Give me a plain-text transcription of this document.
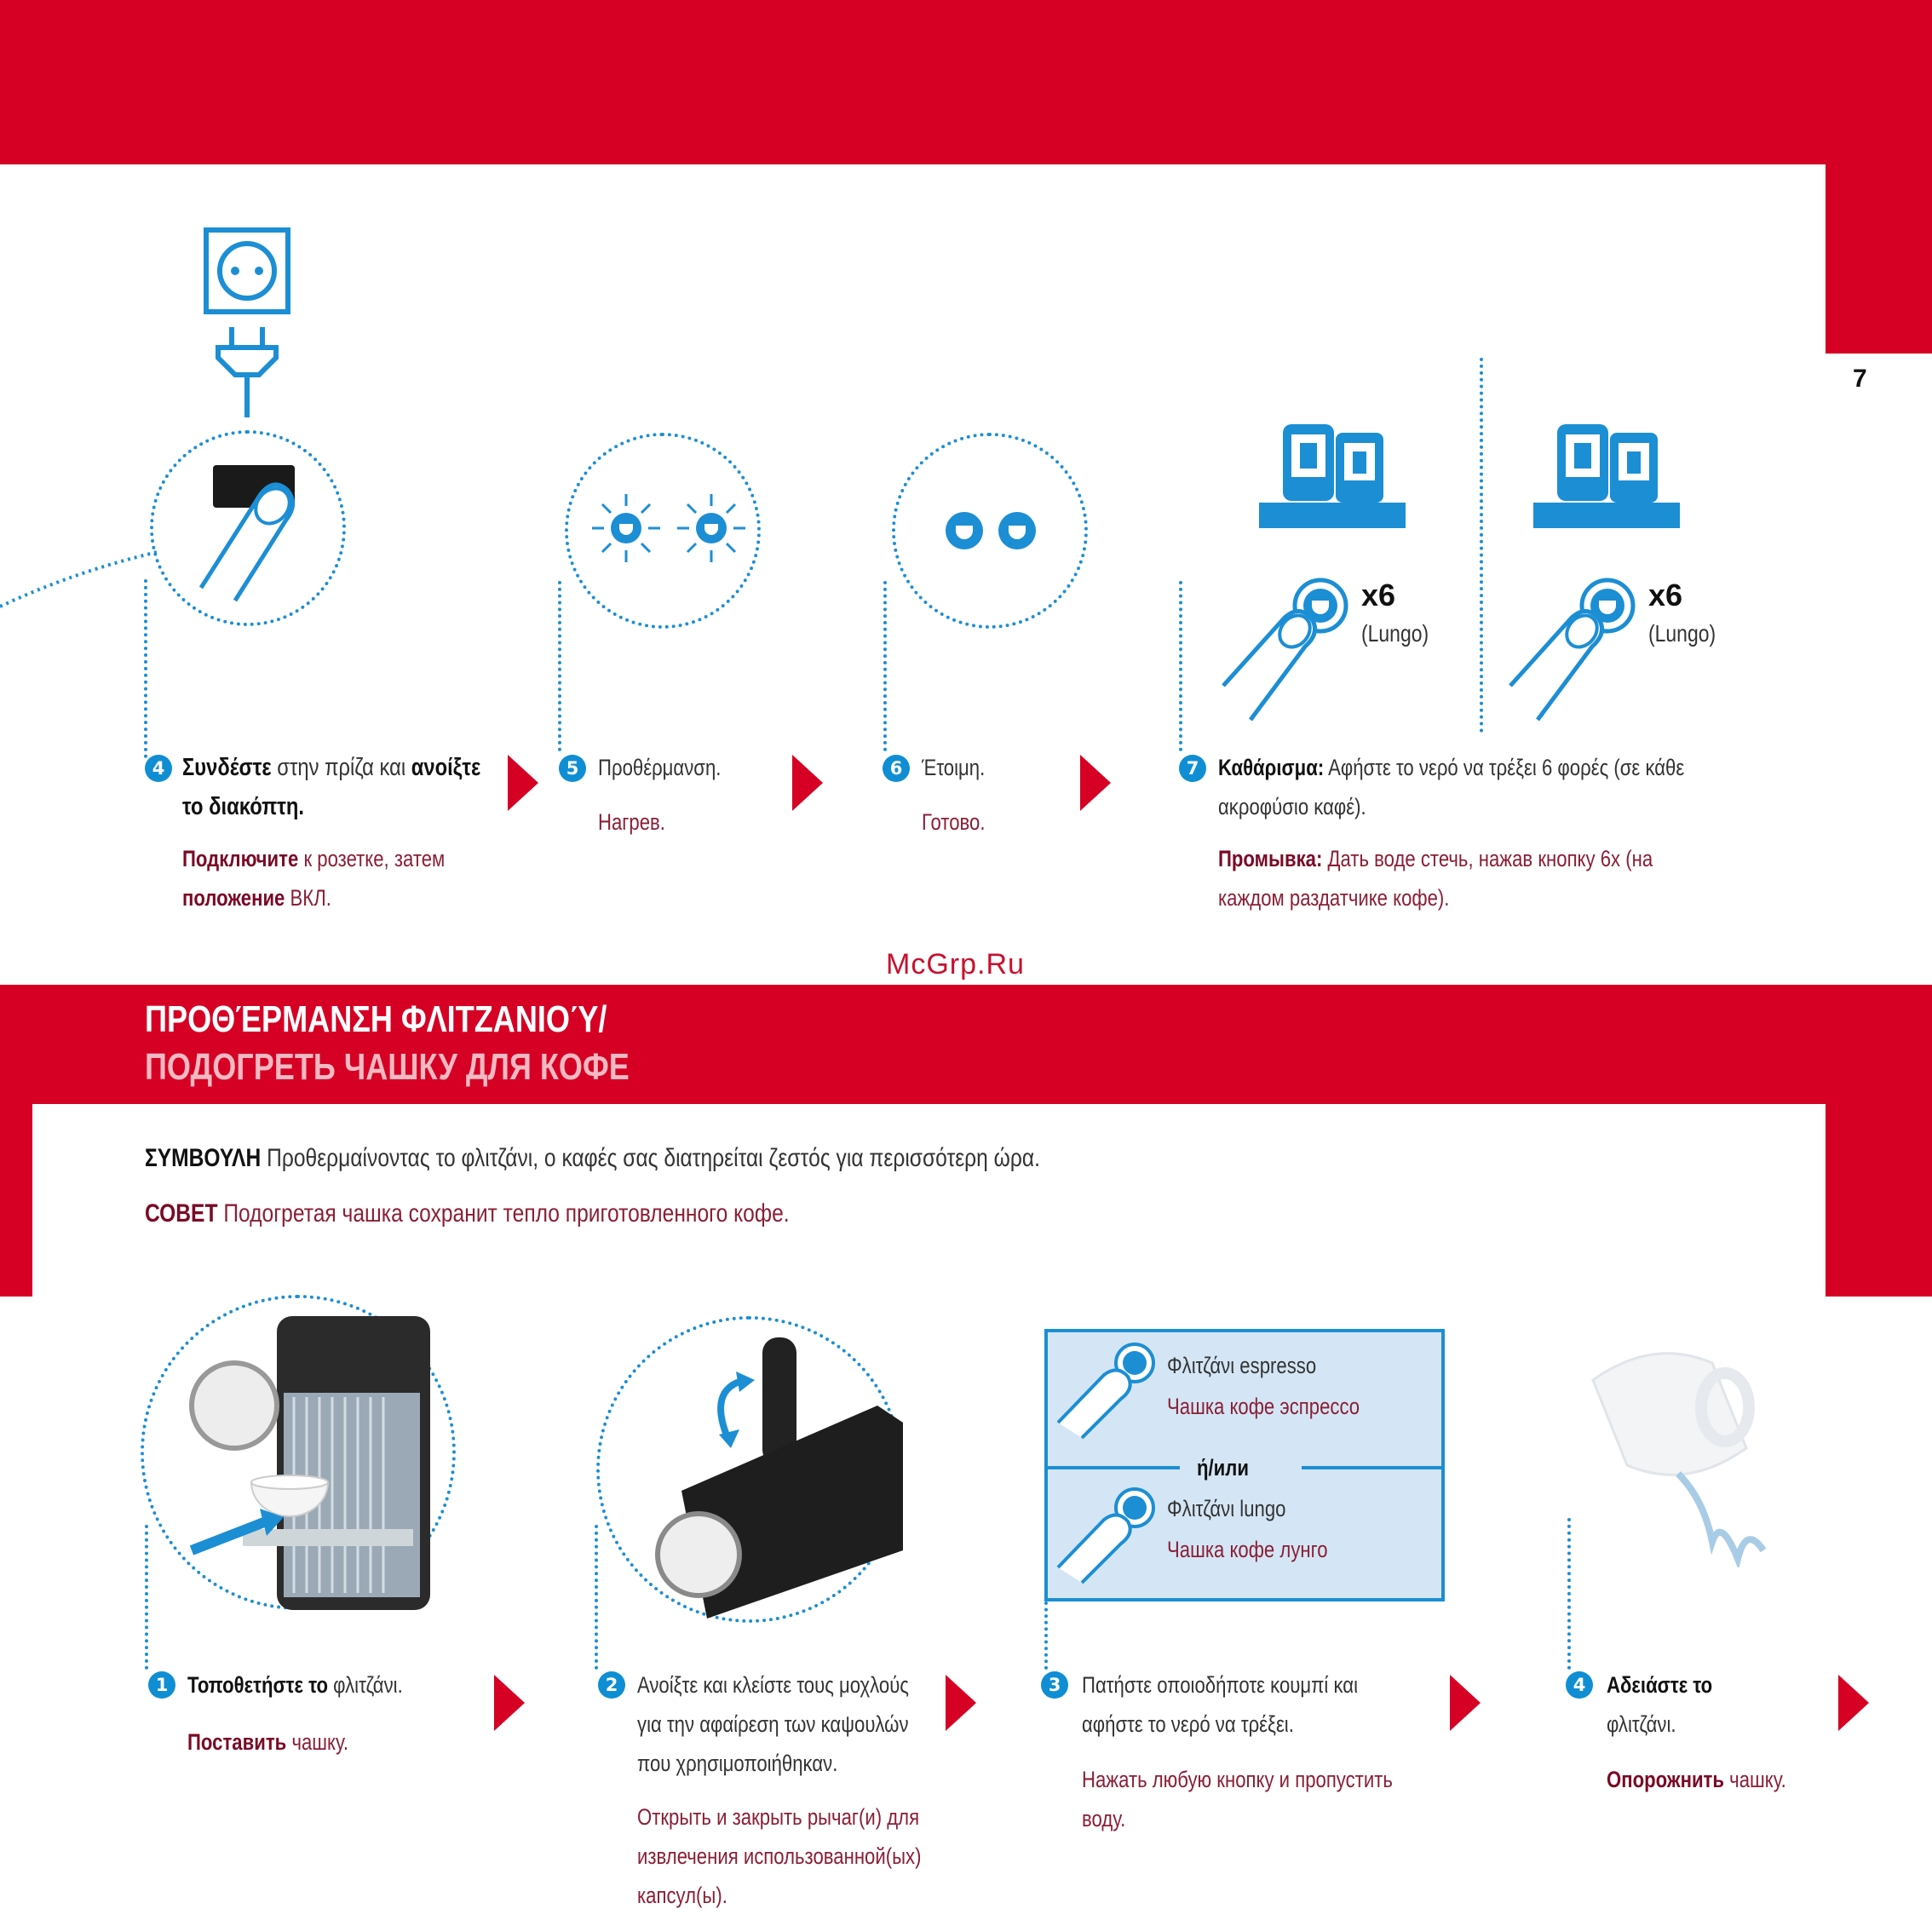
7
ΠΡΟΘΈΡΜΑΝΣΗ ΦΛΙΤΖΑΝΙΟΎ/
ПОДОГРЕТЬ ЧАШКУ ДЛЯ КОФЕ
ΣΥΜΒΟΥΛΗ Προθερμαίνοντας το φλιτζάνι, ο καφές σας διατηρείται ζεστός για περισσότερη ώρα.
СОВЕТ Подогретая чашка сохранит тепло приготовленного кофе.
McGrp.Ru
x6
(Lungo)
x6
(Lungo)
4 Συνδέστε στην πρίζα και ανοίξτε
το διακόπτη.
Подключите к розетке, затем
положение ВКЛ.
5 Προθέρμανση.
Нагрев.
6 Έτοιμη.
Готово.
7 Καθάρισμα: Αφήστε το νερό να τρέξει 6 φορές (σε κάθε
ακροφύσιο καφέ).
Промывка: Дать воде стечь, нажав кнопку 6х (на
каждом раздатчике кофе).
Φλιτζάνι espresso
Чашка кофе эспрессо
ή/или
Φλιτζάνι lungo
Чашка кофе лунго
1 Τοποθετήστε το φλιτζάνι.
Поставить чашку.
2 Ανοίξτε και κλείστε τους μοχλούς
για την αφαίρεση των καψουλών
που χρησιμοποιήθηκαν.
Открыть и закрыть рычаг(и) для
извлечения использованной(ых)
капсул(ы).
3 Πατήστε οποιοδήποτε κουμπί και
αφήστε το νερό να τρέξει.
Нажать любую кнопку и пропустить
воду.
4 Αδειάστε το
φλιτζάνι.
Опорожнить чашку.
